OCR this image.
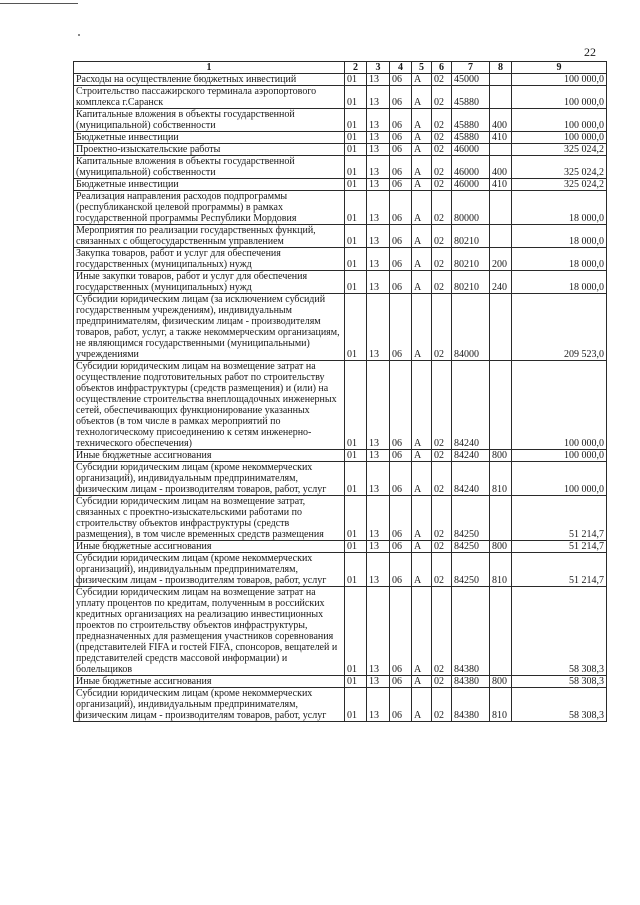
22
1	2	3	4	5	6	7	8	9
Расходы на осуществление бюджетных инвестиций	01	13	06	А	02	45000		100 000,0
Строительство пассажирского терминала аэропортового комплекса г.Саранск	01	13	06	А	02	45880		100 000,0
Капитальные вложения в объекты государственной (муниципальной) собственности	01	13	06	А	02	45880	400	100 000,0
Бюджетные инвестиции	01	13	06	А	02	45880	410	100 000,0
Проектно-изыскательские работы	01	13	06	А	02	46000		325 024,2
Капитальные вложения в объекты государственной (муниципальной) собственности	01	13	06	А	02	46000	400	325 024,2
Бюджетные инвестиции	01	13	06	А	02	46000	410	325 024,2
Реализация направления расходов подпрограммы (республиканской целевой программы) в рамках государственной программы Республики Мордовия	01	13	06	А	02	80000		18 000,0
Мероприятия по реализации государственных функций, связанных с общегосударственным управлением	01	13	06	А	02	80210		18 000,0
Закупка товаров, работ и услуг для обеспечения государственных (муниципальных) нужд	01	13	06	А	02	80210	200	18 000,0
Иные закупки товаров, работ и услуг для обеспечения государственных (муниципальных) нужд	01	13	06	А	02	80210	240	18 000,0
Субсидии юридическим лицам (за исключением субсидий государственным учреждениям), индивидуальным предпринимателям, физическим лицам - производителям товаров, работ, услуг, а также некоммерческим организациям, не являющимся государственными (муниципальными) учреждениями	01	13	06	А	02	84000		209 523,0
Субсидии юридическим лицам на возмещение затрат на осуществление подготовительных работ по строительству объектов инфраструктуры (средств размещения) и (или) на осуществление строительства внеплощадочных инженерных сетей, обеспечивающих функционирование указанных объектов (в том числе в рамках мероприятий по технологическому присоединению к сетям инженерно-технического обеспечения)	01	13	06	А	02	84240		100 000,0
Иные бюджетные ассигнования	01	13	06	А	02	84240	800	100 000,0
Субсидии юридическим лицам (кроме некоммерческих организаций), индивидуальным предпринимателям, физическим лицам - производителям товаров, работ, услуг	01	13	06	А	02	84240	810	100 000,0
Субсидии юридическим лицам на возмещение затрат, связанных с проектно-изыскательскими работами по строительству объектов инфраструктуры (средств размещения), в том числе временных средств размещения	01	13	06	А	02	84250		51 214,7
Иные бюджетные ассигнования	01	13	06	А	02	84250	800	51 214,7
Субсидии юридическим лицам (кроме некоммерческих организаций), индивидуальным предпринимателям, физическим лицам - производителям товаров, работ, услуг	01	13	06	А	02	84250	810	51 214,7
Субсидии юридическим лицам на возмещение затрат на уплату процентов по кредитам, полученным в российских кредитных организациях на реализацию инвестиционных проектов по строительству объектов инфраструктуры, предназначенных для размещения участников соревнования (представителей FIFA и гостей FIFA, спонсоров, вещателей и представителей средств массовой информации) и болельщиков	01	13	06	А	02	84380		58 308,3
Иные бюджетные ассигнования	01	13	06	А	02	84380	800	58 308,3
Субсидии юридическим лицам (кроме некоммерческих организаций), индивидуальным предпринимателям, физическим лицам - производителям товаров, работ, услуг	01	13	06	А	02	84380	810	58 308,3
